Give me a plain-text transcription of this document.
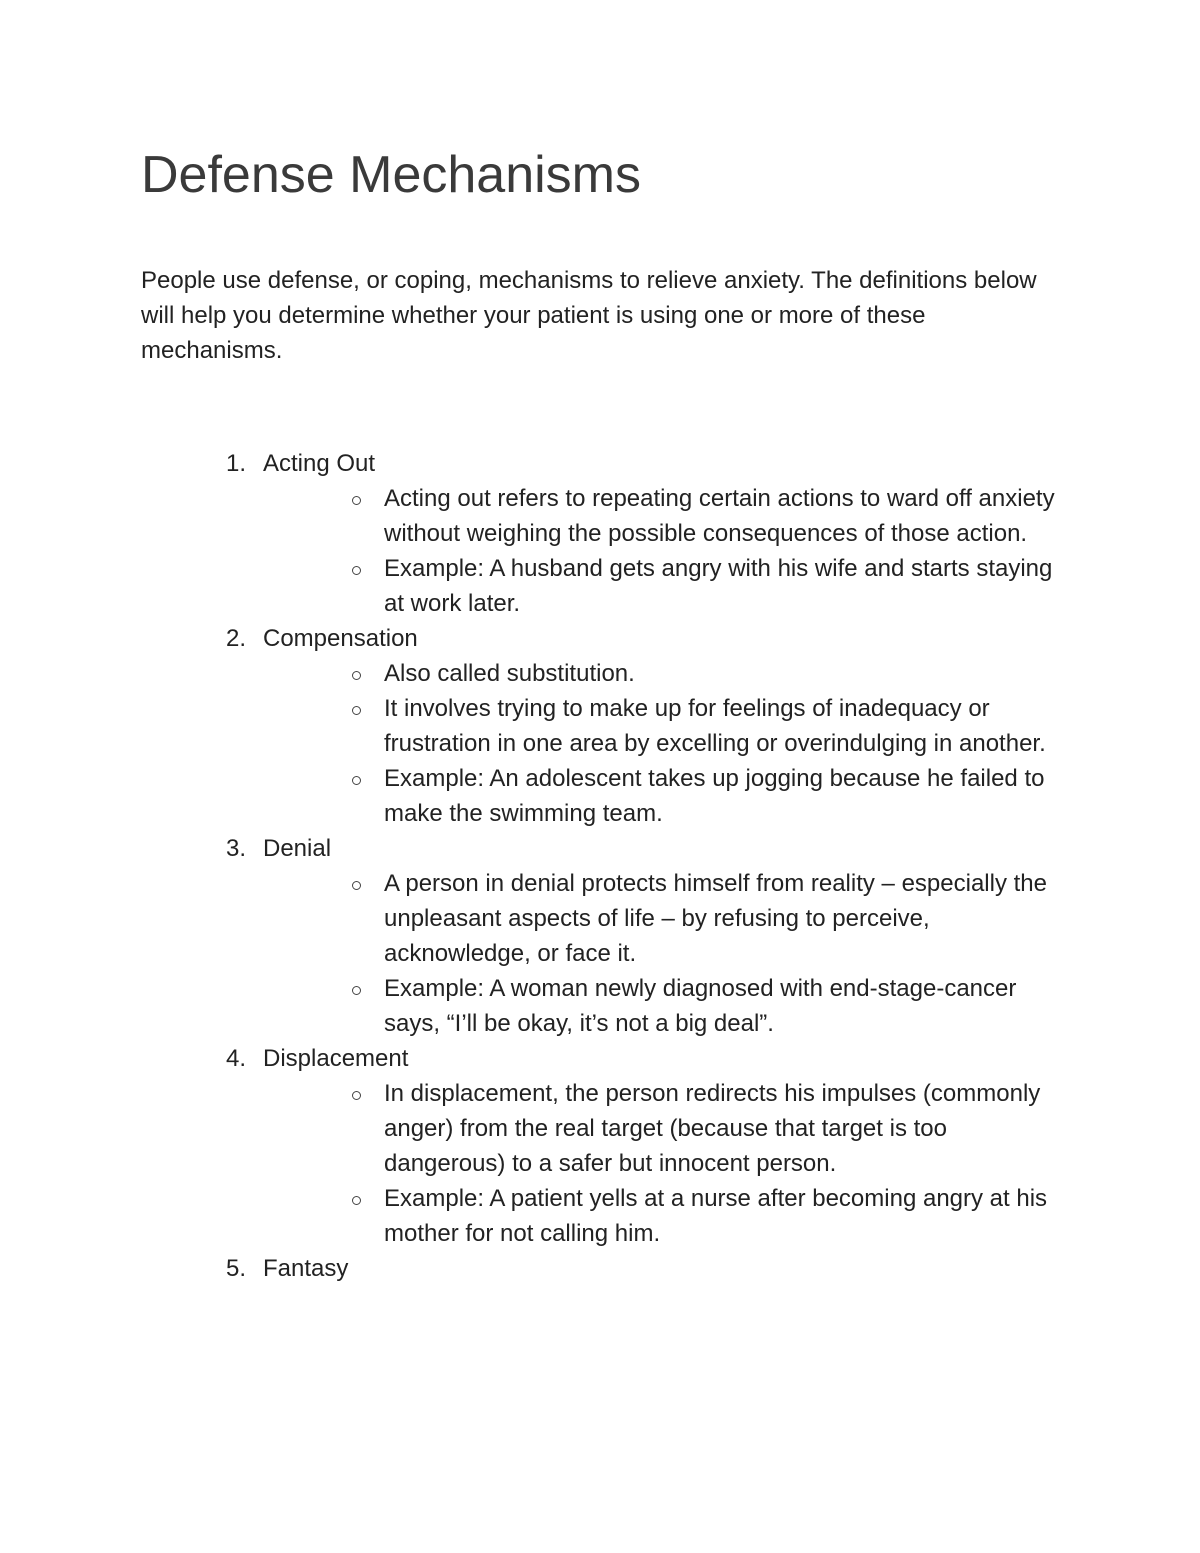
Defense Mechanisms

People use defense, or coping, mechanisms to relieve anxiety. The definitions below will help you determine whether your patient is using one or more of these mechanisms.

1. Acting Out
Acting out refers to repeating certain actions to ward off anxiety without weighing the possible consequences of those action.
Example: A husband gets angry with his wife and starts staying at work later.
2. Compensation
Also called substitution.
It involves trying to make up for feelings of inadequacy or frustration in one area by excelling or overindulging in another.
Example: An adolescent takes up jogging because he failed to make the swimming team.
3. Denial
A person in denial protects himself from reality – especially the unpleasant aspects of life – by refusing to perceive, acknowledge, or face it.
Example: A woman newly diagnosed with end-stage-cancer says, “I’ll be okay, it’s not a big deal”.
4. Displacement
In displacement, the person redirects his impulses (commonly anger) from the real target (because that target is too dangerous) to a safer but innocent person.
Example: A patient yells at a nurse after becoming angry at his mother for not calling him.
5. Fantasy
